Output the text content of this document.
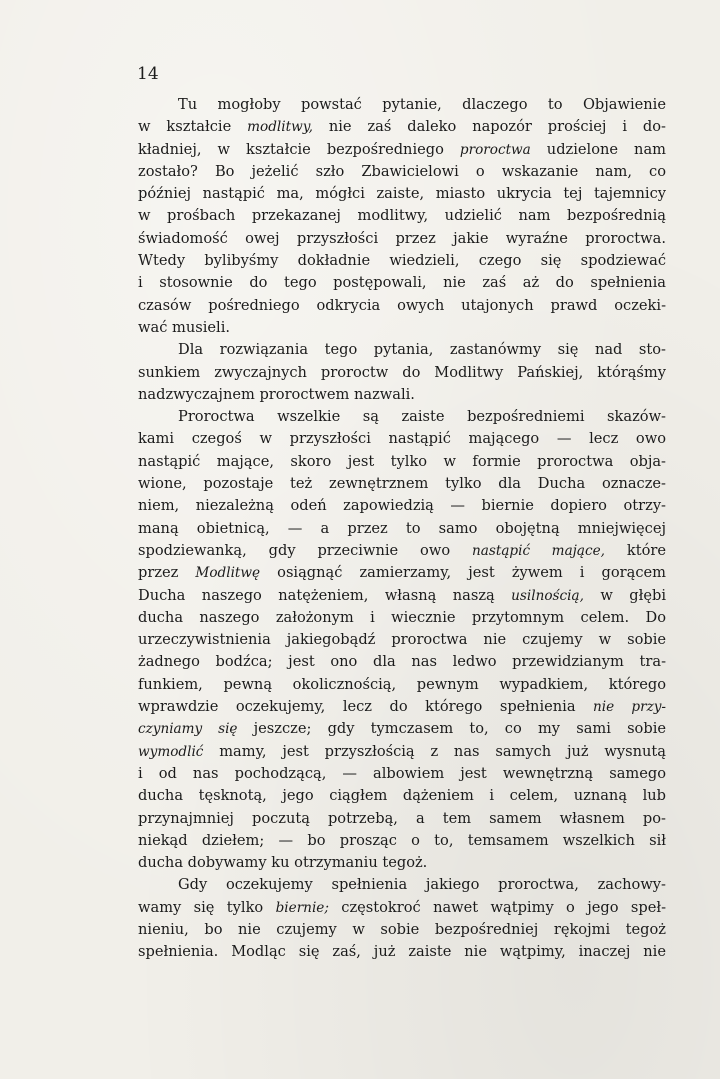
14
Tu mogłoby powstać pytanie, dlaczego to Objawienie
w kształcie modlitwy, nie zaś daleko napozór prościej i do-
kładniej, w kształcie bezpośredniego proroctwa udzielone nam
zostało? Bo jeżelić szło Zbawicielowi o wskazanie nam, co
później nastąpić ma, mógłci zaiste, miasto ukrycia tej tajemnicy
w prośbach przekazanej modlitwy, udzielić nam bezpośrednią
świadomość owej przyszłości przez jakie wyraźne proroctwa.
Wtedy bylibyśmy dokładnie wiedzieli, czego się spodziewać
i stosownie do tego postępowali, nie zaś aż do spełnienia
czasów pośredniego odkrycia owych utajonych prawd oczeki-
wać musieli.
Dla rozwiązania tego pytania, zastanówmy się nad sto-
sunkiem zwyczajnych proroctw do Modlitwy Pańskiej, którąśmy
nadzwyczajnem proroctwem nazwali.
Proroctwa wszelkie są zaiste bezpośredniemi skazów-
kami czegoś w przyszłości nastąpić mającego — lecz owo
nastąpić mające, skoro jest tylko w formie proroctwa obja-
wione, pozostaje też zewnętrznem tylko dla Ducha oznacze-
niem, niezależną odeń zapowiedzią — biernie dopiero otrzy-
maną obietnicą, — a przez to samo obojętną mniejwięcej
spodziewanką, gdy przeciwnie owo nastąpić mające, które
przez Modlitwę osiągnąć zamierzamy, jest żywem i gorącem
Ducha naszego natężeniem, własną naszą usilnością, w głębi
ducha naszego założonym i wiecznie przytomnym celem. Do
urzeczywistnienia jakiegobądź proroctwa nie czujemy w sobie
żadnego bodźca; jest ono dla nas ledwo przewidzianym tra-
funkiem, pewną okolicznością, pewnym wypadkiem, którego
wprawdzie oczekujemy, lecz do którego spełnienia nie przy-
czyniamy się jeszcze; gdy tymczasem to, co my sami sobie
wymodlić mamy, jest przyszłością z nas samych już wysnutą
i od nas pochodzącą, — albowiem jest wewnętrzną samego
ducha tęsknotą, jego ciągłem dążeniem i celem, uznaną lub
przynajmniej poczutą potrzebą, a tem samem własnem po-
niekąd dziełem; — bo prosząc o to, temsamem wszelkich sił
ducha dobywamy ku otrzymaniu tegoż.
Gdy oczekujemy spełnienia jakiego proroctwa, zachowy-
wamy się tylko biernie; częstokroć nawet wątpimy o jego speł-
nieniu, bo nie czujemy w sobie bezpośredniej rękojmi tegoż
spełnienia. Modląc się zaś, już zaiste nie wątpimy, inaczej nie
